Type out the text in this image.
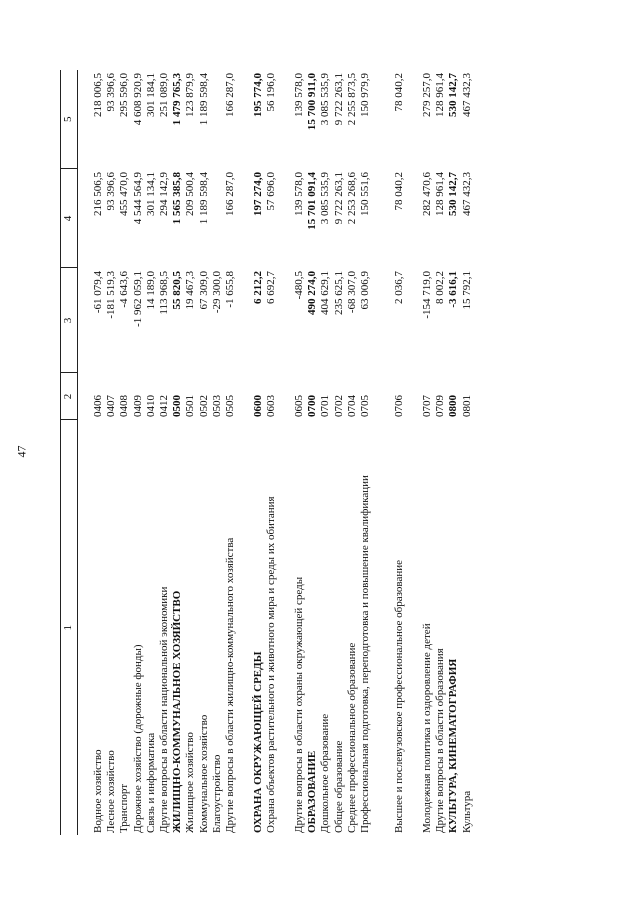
47
1	2	3	4	5
Водное хозяйство	0406	-61 079,4	216 506,5	218 006,5
Лесное хозяйство	0407	-181 519,3	93 396,6	93 396,6
Транспорт	0408	-4 643,6	455 470,0	295 596,0
Дорожное хозяйство (дорожные фонды)	0409	-1 962 059,1	4 544 564,9	4 608 920,9
Связь и информатика	0410	14 189,0	301 134,1	301 184,1
Другие вопросы в области национальной экономики	0412	113 968,5	294 142,9	251 089,0
ЖИЛИЩНО-КОММУНАЛЬНОЕ ХОЗЯЙСТВО	0500	55 820,5	1 565 385,8	1 479 765,3
Жилищное хозяйство	0501	19 467,3	209 500,4	123 879,9
Коммунальное хозяйство	0502	67 309,0	1 189 598,4	1 189 598,4
Благоустройство	0503	-29 300,0		
Другие вопросы в области жилищно-коммунального хозяйства	0505	-1 655,8	166 287,0	166 287,0
ОХРАНА ОКРУЖАЮЩЕЙ СРЕДЫ	0600	6 212,2	197 274,0	195 774,0
Охрана объектов растительного и животного мира и среды их обитания	0603	6 692,7	57 696,0	56 196,0
Другие вопросы в области охраны окружающей среды	0605	-480,5	139 578,0	139 578,0
ОБРАЗОВАНИЕ	0700	490 274,0	15 701 091,4	15 700 911,0
Дошкольное образование	0701	404 629,1	3 085 535,9	3 085 535,9
Общее образование	0702	235 625,1	9 722 263,1	9 722 263,1
Среднее профессиональное образование	0704	-68 307,0	2 253 268,6	2 255 873,5
Профессиональная подготовка, переподготовка и повышение квалификации	0705	63 006,9	150 551,6	150 979,9
Высшее и послевузовское профессиональное образование	0706	2 036,7	78 040,2	78 040,2
Молодежная политика и оздоровление детей	0707	-154 719,0	282 470,6	279 257,0
Другие вопросы в области образования	0709	8 002,2	128 961,4	128 961,4
КУЛЬТУРА, КИНЕМАТОГРАФИЯ	0800	-3 616,1	530 142,7	530 142,7
Культура	0801	15 792,1	467 432,3	467 432,3
